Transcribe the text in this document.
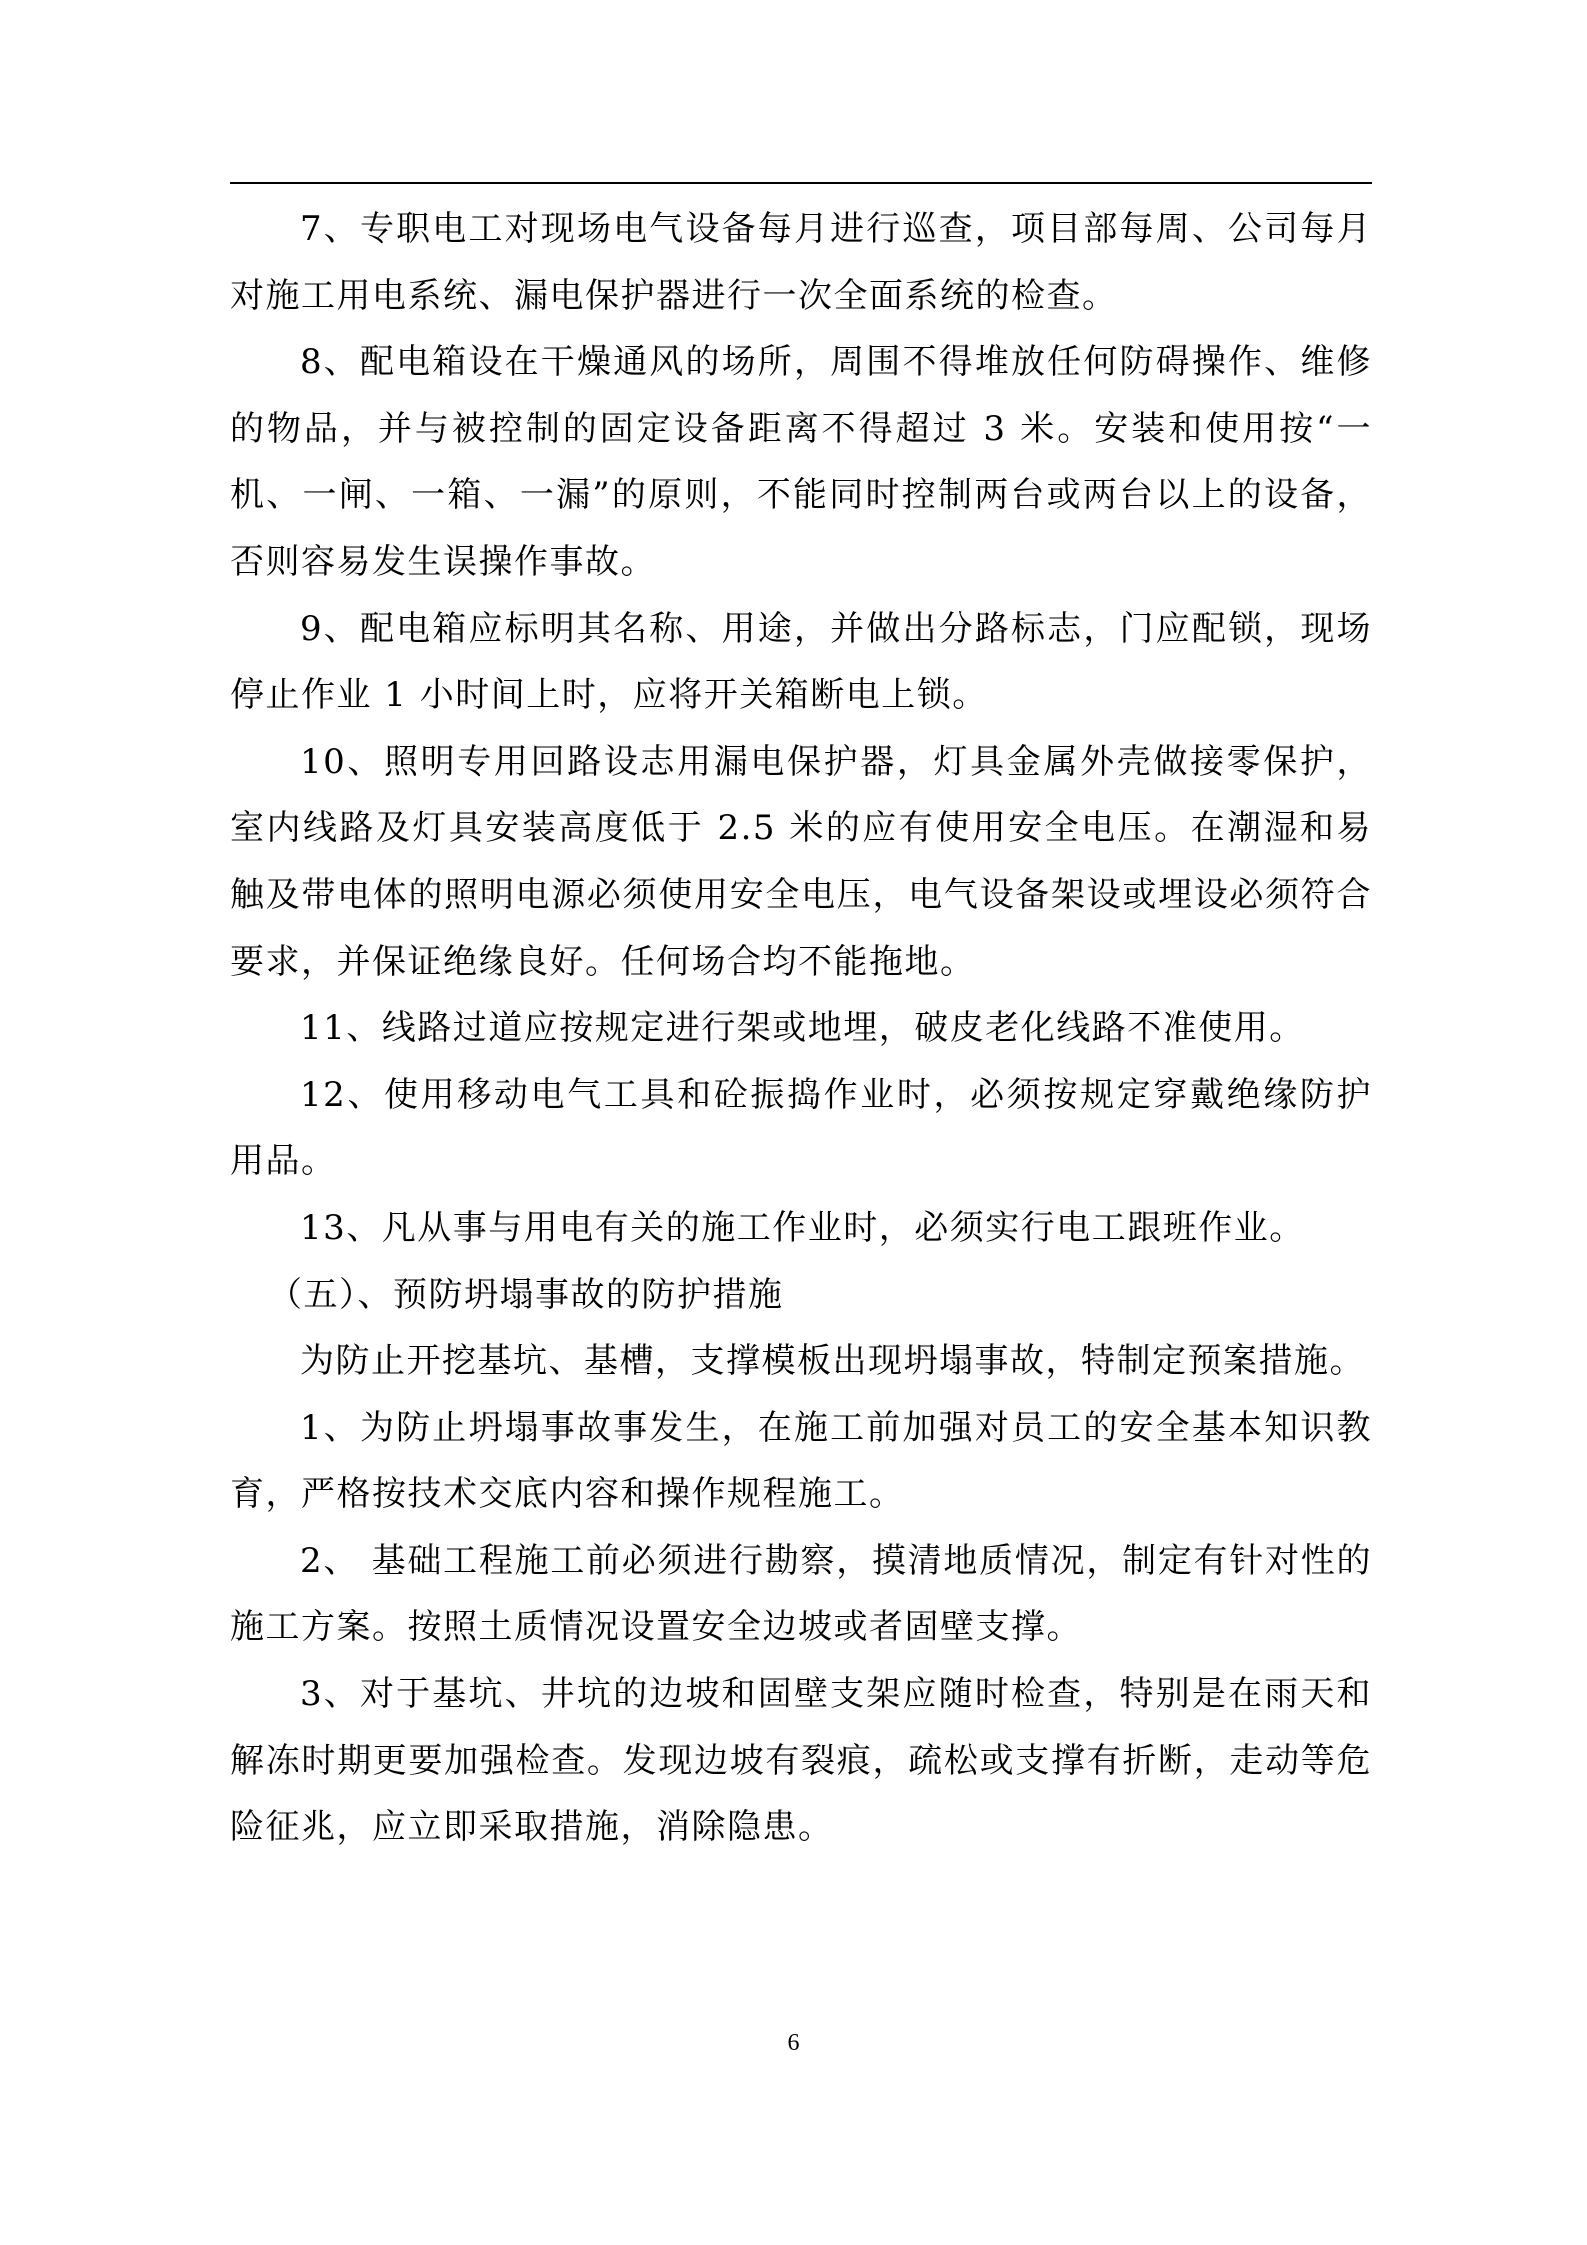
7、专职电工对现场电气设备每月进行巡查，项目部每周、公司每月对施工用电系统、漏电保护器进行一次全面系统的检查。

8、配电箱设在干燥通风的场所，周围不得堆放任何防碍操作、维修的物品，并与被控制的固定设备距离不得超过 3 米。安装和使用按“一机、一闸、一箱、一漏”的原则，不能同时控制两台或两台以上的设备，否则容易发生误操作事故。

9、配电箱应标明其名称、用途，并做出分路标志，门应配锁，现场停止作业 1 小时间上时，应将开关箱断电上锁。

10、照明专用回路设志用漏电保护器，灯具金属外壳做接零保护，室内线路及灯具安装高度低于 2.5 米的应有使用安全电压。在潮湿和易触及带电体的照明电源必须使用安全电压，电气设备架设或埋设必须符合要求，并保证绝缘良好。任何场合均不能拖地。

11、线路过道应按规定进行架或地埋，破皮老化线路不准使用。

12、使用移动电气工具和砼振捣作业时，必须按规定穿戴绝缘防护用品。

13、凡从事与用电有关的施工作业时，必须实行电工跟班作业。

（五）、预防坍塌事故的防护措施

为防止开挖基坑、基槽，支撑模板出现坍塌事故，特制定预案措施。

1、为防止坍塌事故事发生，在施工前加强对员工的安全基本知识教育，严格按技术交底内容和操作规程施工。

2、 基础工程施工前必须进行勘察，摸清地质情况，制定有针对性的施工方案。按照土质情况设置安全边坡或者固壁支撑。

3、对于基坑、井坑的边坡和固壁支架应随时检查，特别是在雨天和解冻时期更要加强检查。发现边坡有裂痕，疏松或支撑有折断，走动等危险征兆，应立即采取措施，消除隐患。

6
